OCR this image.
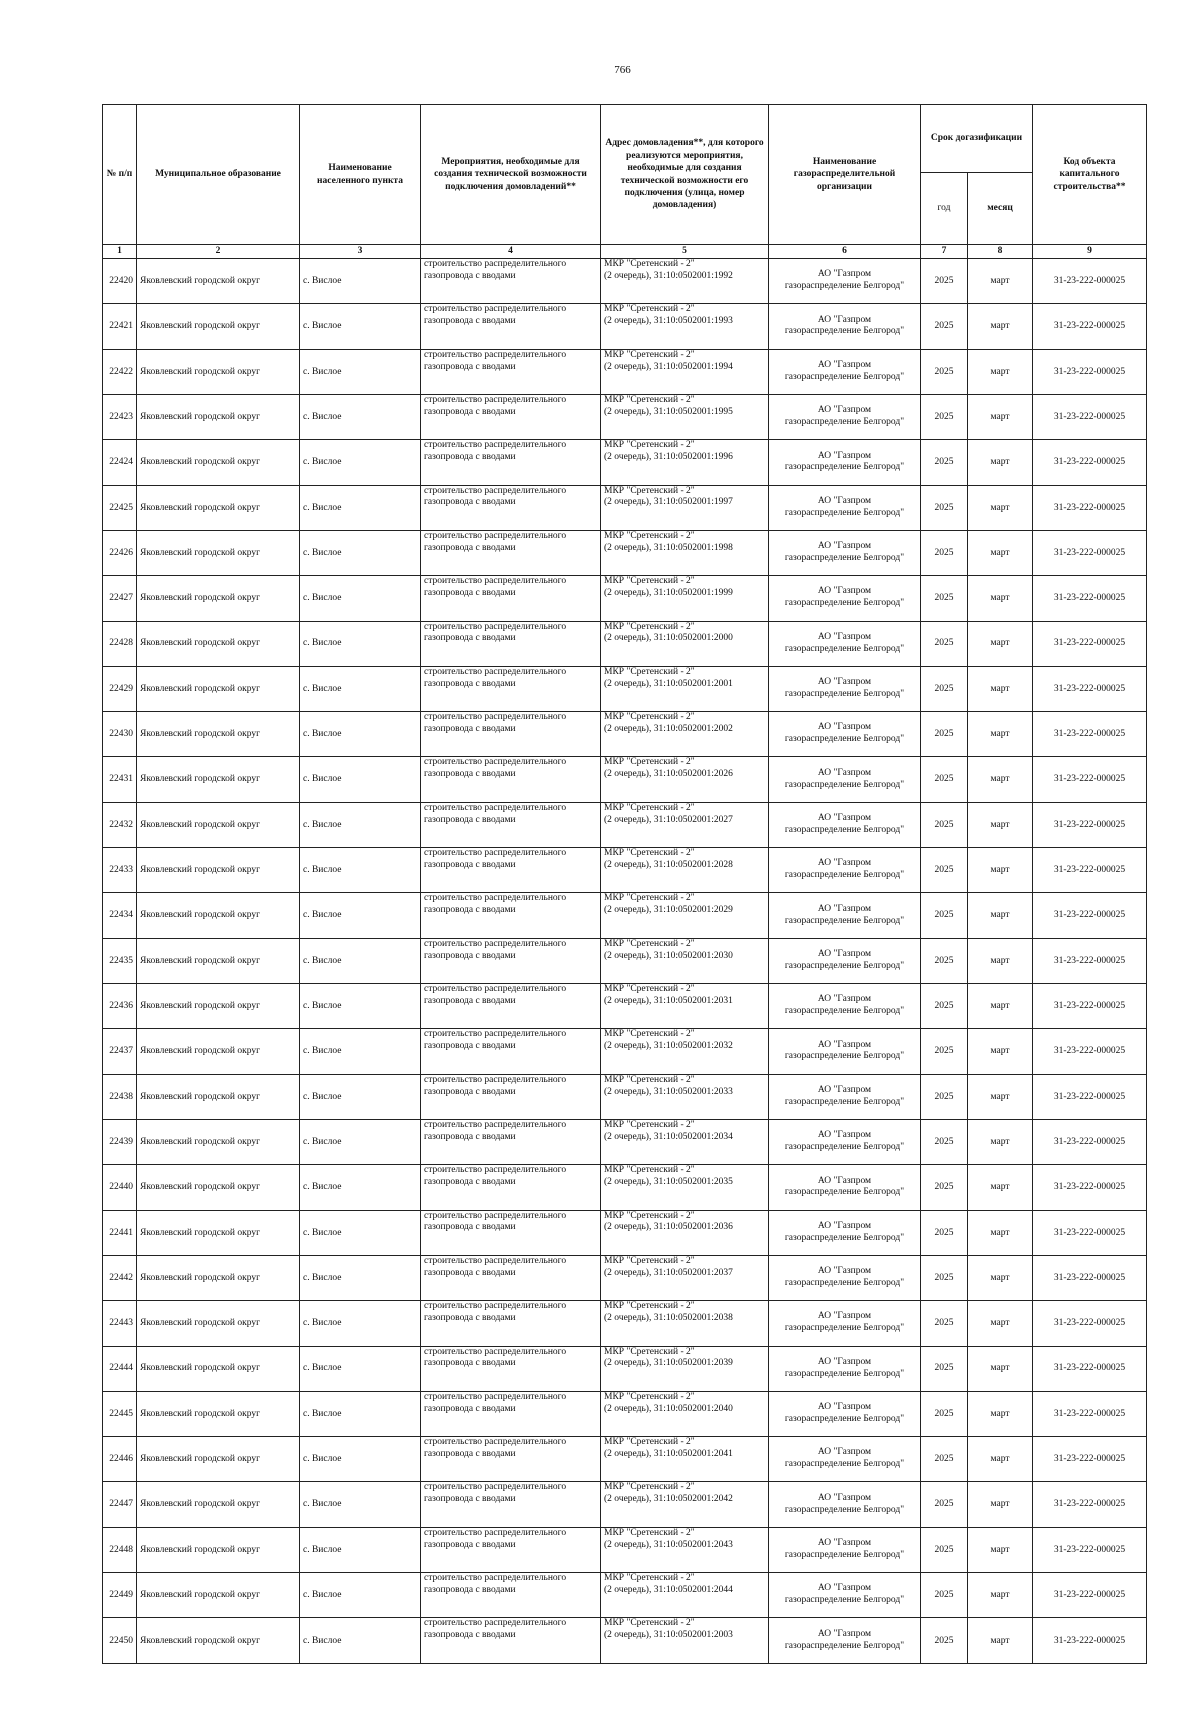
766
№ п/п	Муниципальное образование	Наименование населенного пункта	Мероприятия, необходимые для создания технической возможности подключения домовладений**	Адрес домовладения**, для которого реализуются мероприятия, необходимые для создания технической возможности его подключения (улица, номер домовладения)	Наименование газораспределительной организации	Срок догазификации		Код объекта капитального строительства**
						год	месяц	
1	2	3	4	5	6	7	8	9
22420	Яковлевский городской округ	с. Вислое	строительство распределительного
газопровода с вводами	МКР "Сретенский - 2"
(2 очередь), 31:10:0502001:1992	АО "Газпром
газораспределение Белгород"	2025	март	31-23-222-000025
22421	Яковлевский городской округ	с. Вислое	строительство распределительного
газопровода с вводами	МКР "Сретенский - 2"
(2 очередь), 31:10:0502001:1993	АО "Газпром
газораспределение Белгород"	2025	март	31-23-222-000025
22422	Яковлевский городской округ	с. Вислое	строительство распределительного
газопровода с вводами	МКР "Сретенский - 2"
(2 очередь), 31:10:0502001:1994	АО "Газпром
газораспределение Белгород"	2025	март	31-23-222-000025
22423	Яковлевский городской округ	с. Вислое	строительство распределительного
газопровода с вводами	МКР "Сретенский - 2"
(2 очередь), 31:10:0502001:1995	АО "Газпром
газораспределение Белгород"	2025	март	31-23-222-000025
22424	Яковлевский городской округ	с. Вислое	строительство распределительного
газопровода с вводами	МКР "Сретенский - 2"
(2 очередь), 31:10:0502001:1996	АО "Газпром
газораспределение Белгород"	2025	март	31-23-222-000025
22425	Яковлевский городской округ	с. Вислое	строительство распределительного
газопровода с вводами	МКР "Сретенский - 2"
(2 очередь), 31:10:0502001:1997	АО "Газпром
газораспределение Белгород"	2025	март	31-23-222-000025
22426	Яковлевский городской округ	с. Вислое	строительство распределительного
газопровода с вводами	МКР "Сретенский - 2"
(2 очередь), 31:10:0502001:1998	АО "Газпром
газораспределение Белгород"	2025	март	31-23-222-000025
22427	Яковлевский городской округ	с. Вислое	строительство распределительного
газопровода с вводами	МКР "Сретенский - 2"
(2 очередь), 31:10:0502001:1999	АО "Газпром
газораспределение Белгород"	2025	март	31-23-222-000025
22428	Яковлевский городской округ	с. Вислое	строительство распределительного
газопровода с вводами	МКР "Сретенский - 2"
(2 очередь), 31:10:0502001:2000	АО "Газпром
газораспределение Белгород"	2025	март	31-23-222-000025
22429	Яковлевский городской округ	с. Вислое	строительство распределительного
газопровода с вводами	МКР "Сретенский - 2"
(2 очередь), 31:10:0502001:2001	АО "Газпром
газораспределение Белгород"	2025	март	31-23-222-000025
22430	Яковлевский городской округ	с. Вислое	строительство распределительного
газопровода с вводами	МКР "Сретенский - 2"
(2 очередь), 31:10:0502001:2002	АО "Газпром
газораспределение Белгород"	2025	март	31-23-222-000025
22431	Яковлевский городской округ	с. Вислое	строительство распределительного
газопровода с вводами	МКР "Сретенский - 2"
(2 очередь), 31:10:0502001:2026	АО "Газпром
газораспределение Белгород"	2025	март	31-23-222-000025
22432	Яковлевский городской округ	с. Вислое	строительство распределительного
газопровода с вводами	МКР "Сретенский - 2"
(2 очередь), 31:10:0502001:2027	АО "Газпром
газораспределение Белгород"	2025	март	31-23-222-000025
22433	Яковлевский городской округ	с. Вислое	строительство распределительного
газопровода с вводами	МКР "Сретенский - 2"
(2 очередь), 31:10:0502001:2028	АО "Газпром
газораспределение Белгород"	2025	март	31-23-222-000025
22434	Яковлевский городской округ	с. Вислое	строительство распределительного
газопровода с вводами	МКР "Сретенский - 2"
(2 очередь), 31:10:0502001:2029	АО "Газпром
газораспределение Белгород"	2025	март	31-23-222-000025
22435	Яковлевский городской округ	с. Вислое	строительство распределительного
газопровода с вводами	МКР "Сретенский - 2"
(2 очередь), 31:10:0502001:2030	АО "Газпром
газораспределение Белгород"	2025	март	31-23-222-000025
22436	Яковлевский городской округ	с. Вислое	строительство распределительного
газопровода с вводами	МКР "Сретенский - 2"
(2 очередь), 31:10:0502001:2031	АО "Газпром
газораспределение Белгород"	2025	март	31-23-222-000025
22437	Яковлевский городской округ	с. Вислое	строительство распределительного
газопровода с вводами	МКР "Сретенский - 2"
(2 очередь), 31:10:0502001:2032	АО "Газпром
газораспределение Белгород"	2025	март	31-23-222-000025
22438	Яковлевский городской округ	с. Вислое	строительство распределительного
газопровода с вводами	МКР "Сретенский - 2"
(2 очередь), 31:10:0502001:2033	АО "Газпром
газораспределение Белгород"	2025	март	31-23-222-000025
22439	Яковлевский городской округ	с. Вислое	строительство распределительного
газопровода с вводами	МКР "Сретенский - 2"
(2 очередь), 31:10:0502001:2034	АО "Газпром
газораспределение Белгород"	2025	март	31-23-222-000025
22440	Яковлевский городской округ	с. Вислое	строительство распределительного
газопровода с вводами	МКР "Сретенский - 2"
(2 очередь), 31:10:0502001:2035	АО "Газпром
газораспределение Белгород"	2025	март	31-23-222-000025
22441	Яковлевский городской округ	с. Вислое	строительство распределительного
газопровода с вводами	МКР "Сретенский - 2"
(2 очередь), 31:10:0502001:2036	АО "Газпром
газораспределение Белгород"	2025	март	31-23-222-000025
22442	Яковлевский городской округ	с. Вислое	строительство распределительного
газопровода с вводами	МКР "Сретенский - 2"
(2 очередь), 31:10:0502001:2037	АО "Газпром
газораспределение Белгород"	2025	март	31-23-222-000025
22443	Яковлевский городской округ	с. Вислое	строительство распределительного
газопровода с вводами	МКР "Сретенский - 2"
(2 очередь), 31:10:0502001:2038	АО "Газпром
газораспределение Белгород"	2025	март	31-23-222-000025
22444	Яковлевский городской округ	с. Вислое	строительство распределительного
газопровода с вводами	МКР "Сретенский - 2"
(2 очередь), 31:10:0502001:2039	АО "Газпром
газораспределение Белгород"	2025	март	31-23-222-000025
22445	Яковлевский городской округ	с. Вислое	строительство распределительного
газопровода с вводами	МКР "Сретенский - 2"
(2 очередь), 31:10:0502001:2040	АО "Газпром
газораспределение Белгород"	2025	март	31-23-222-000025
22446	Яковлевский городской округ	с. Вислое	строительство распределительного
газопровода с вводами	МКР "Сретенский - 2"
(2 очередь), 31:10:0502001:2041	АО "Газпром
газораспределение Белгород"	2025	март	31-23-222-000025
22447	Яковлевский городской округ	с. Вислое	строительство распределительного
газопровода с вводами	МКР "Сретенский - 2"
(2 очередь), 31:10:0502001:2042	АО "Газпром
газораспределение Белгород"	2025	март	31-23-222-000025
22448	Яковлевский городской округ	с. Вислое	строительство распределительного
газопровода с вводами	МКР "Сретенский - 2"
(2 очередь), 31:10:0502001:2043	АО "Газпром
газораспределение Белгород"	2025	март	31-23-222-000025
22449	Яковлевский городской округ	с. Вислое	строительство распределительного
газопровода с вводами	МКР "Сретенский - 2"
(2 очередь), 31:10:0502001:2044	АО "Газпром
газораспределение Белгород"	2025	март	31-23-222-000025
22450	Яковлевский городской округ	с. Вислое	строительство распределительного
газопровода с вводами	МКР "Сретенский - 2"
(2 очередь), 31:10:0502001:2003	АО "Газпром
газораспределение Белгород"	2025	март	31-23-222-000025
